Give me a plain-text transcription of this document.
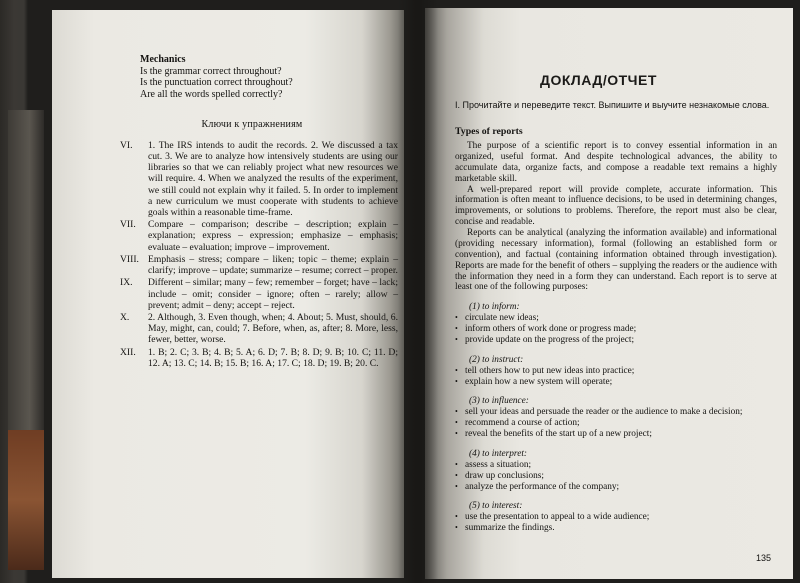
Mechanics
Is the grammar correct throughout?
Is the punctuation correct throughout?
Are all the words spelled correctly?
Ключи к упражнениям
VI.	1. The IRS intends to audit the records. 2. We discussed a tax cut. 3. We are to analyze how intensively students are using our libraries so that we can reliably project what new resources we will require. 4. When we analyzed the results of the experiment, we still could not explain why it failed. 5. In order to implement a new curriculum we must cooperate with students to achieve goals within a reasonable time-frame.
VII.	Compare – comparison; describe – description; explain – explanation; express – expression; emphasize – emphasis; evaluate – evaluation; improve – improvement.
VIII. Emphasis – stress; compare – liken; topic – theme; explain – clarify; improve – update; summarize – resume; correct – proper.
IX.	Different – similar; many – few; remember – forget; have – lack; include – omit; consider – ignore; often – rarely; allow – prevent; admit – deny; accept – reject.
X.	2. Although, 3. Even though, when; 4. About; 5. Must, should, 6. May, might, can, could; 7. Before, when, as, after; 8. More, less, fewer, better, worse.
XII.	1. B; 2. C; 3. B; 4. B; 5. A; 6. D; 7. B; 8. D; 9. B; 10. C; 11. D; 12. A; 13. C; 14. B; 15. B; 16. A; 17. C; 18. D; 19. B; 20. C.
ДОКЛАД/ОТЧЕТ
I. Прочитайте и переведите текст. Выпишите и выучите незнакомые слова.
Types of reports

The purpose of a scientific report is to convey essential information in an organized, useful format. And despite technological advances, the ability to accumulate data, organize facts, and compose a readable text remains a highly marketable skill.

A well-prepared report will provide complete, accurate information. This information is often meant to influence decisions, to be used in determining changes, improvements, or solutions to problems. Therefore, the report must also be clear, concise and readable.

Reports can be analytical (analyzing the information available) and informational (providing necessary information), formal (following an established form or convention), and factual (containing information obtained through investigation). Reports are made for the benefit of others – supplying the readers or the audience with the information they need in a form they can understand. Each report is to serve at least one of the following purposes:

(1) to inform:
• circulate new ideas;
• inform others of work done or progress made;
• provide update on the progress of the project;
(2) to instruct:
• tell others how to put new ideas into practice;
• explain how a new system will operate;
(3) to influence:
• sell your ideas and persuade the reader or the audience to make a decision;
• recommend a course of action;
• reveal the benefits of the start up of a new project;
(4) to interpret:
• assess a situation;
• draw up conclusions;
• analyze the performance of the company;
(5) to interest:
• use the presentation to appeal to a wide audience;
• summarize the findings.
135
